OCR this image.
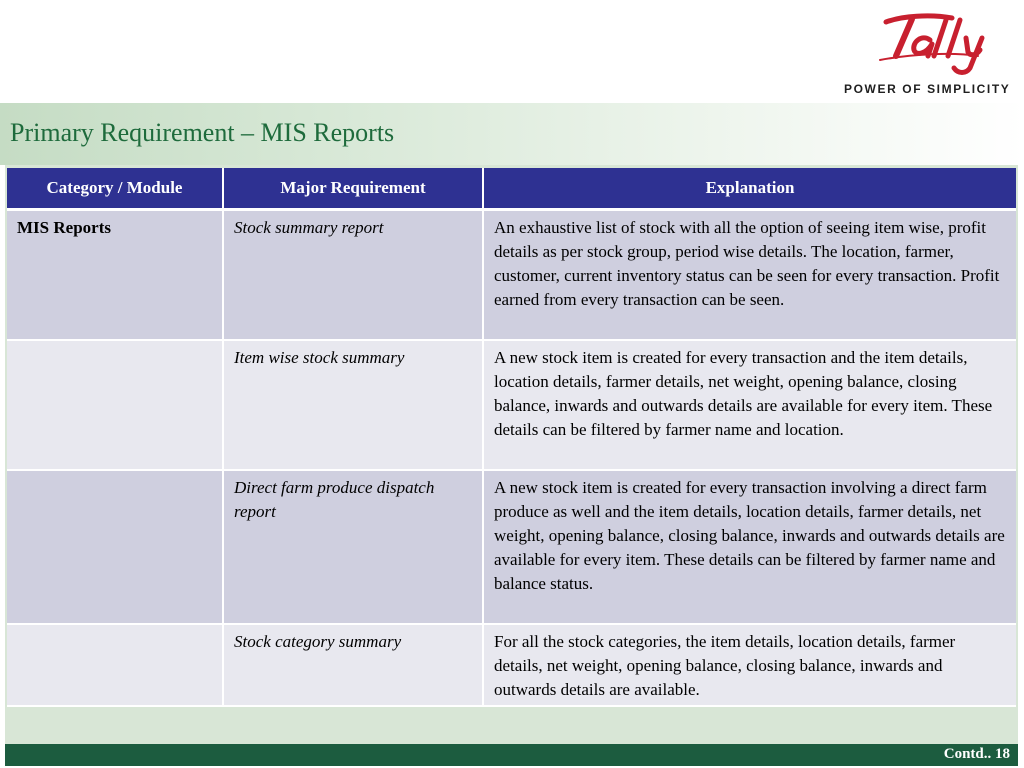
POWER OF SIMPLICITY
Primary Requirement – MIS Reports
Category / Module	Major Requirement	Explanation
MIS Reports	Stock summary report	An exhaustive list of stock with all the option of seeing item wise, profit details as per stock group, period wise details. The location, farmer, customer, current inventory status can be seen for every transaction. Profit earned from every transaction can be seen.
	Item wise stock summary	A new stock item is created for every transaction and the item details, location details, farmer details, net weight, opening balance, closing balance, inwards and outwards details are available for every item. These details can be filtered by farmer name and location.
	Direct farm produce dispatch report	A new stock item is created for every transaction involving a direct farm produce as well and the item details, location details, farmer details, net weight, opening balance, closing balance, inwards and outwards details are available for every item. These details can be filtered by farmer name and balance status.
	Stock category summary	For all the stock categories, the item details, location details, farmer details, net weight, opening balance, closing balance, inwards and outwards details are available.
Contd.. 18
